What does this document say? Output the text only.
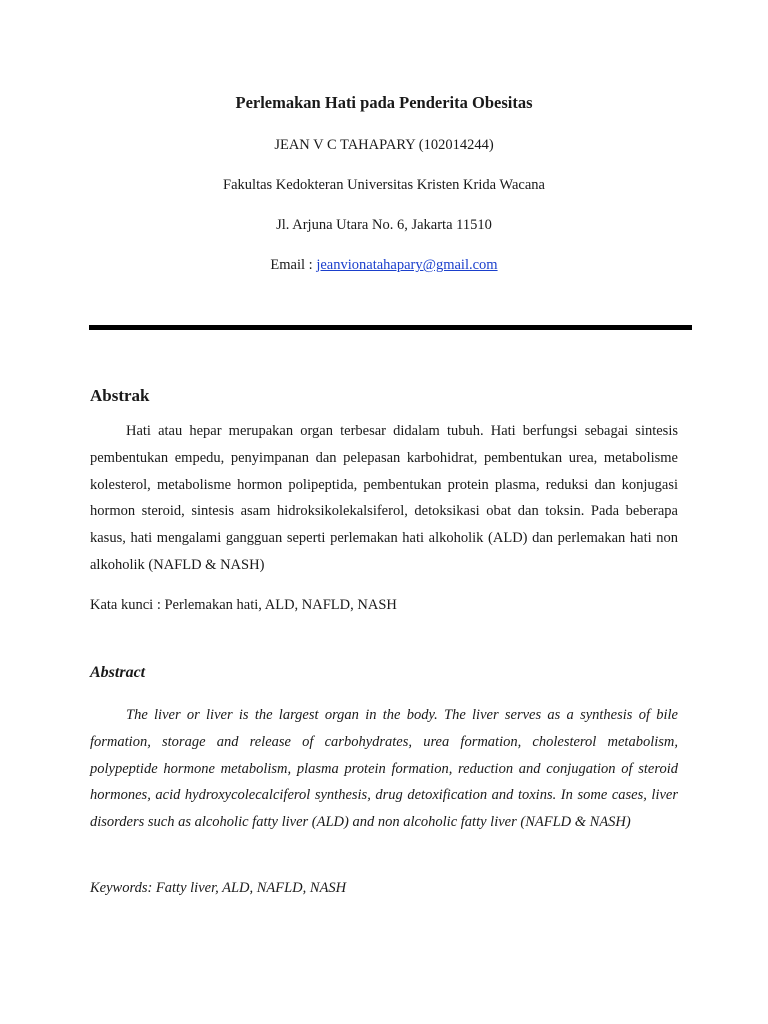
Perlemakan Hati pada Penderita Obesitas

JEAN V C TAHAPARY (102014244)

Fakultas Kedokteran Universitas Kristen Krida Wacana

Jl. Arjuna Utara No. 6, Jakarta 11510

Email : jeanvionatahapary@gmail.com

Abstrak

Hati atau hepar merupakan organ terbesar didalam tubuh. Hati berfungsi sebagai sintesis pembentukan empedu, penyimpanan dan pelepasan karbohidrat, pembentukan urea, metabolisme kolesterol, metabolisme hormon polipeptida, pembentukan protein plasma, reduksi dan konjugasi hormon steroid, sintesis asam hidroksikolekalsiferol, detoksikasi obat dan toksin. Pada beberapa kasus, hati mengalami gangguan seperti perlemakan hati alkoholik (ALD) dan perlemakan hati non alkoholik (NAFLD & NASH)

Kata kunci : Perlemakan hati, ALD, NAFLD, NASH

Abstract

The liver or liver is the largest organ in the body. The liver serves as a synthesis of bile formation, storage and release of carbohydrates, urea formation, cholesterol metabolism, polypeptide hormone metabolism, plasma protein formation, reduction and conjugation of steroid hormones, acid hydroxycolecalciferol synthesis, drug detoxification and toxins. In some cases, liver disorders such as alcoholic fatty liver (ALD) and non alcoholic fatty liver (NAFLD & NASH)

Keywords: Fatty liver, ALD, NAFLD, NASH
